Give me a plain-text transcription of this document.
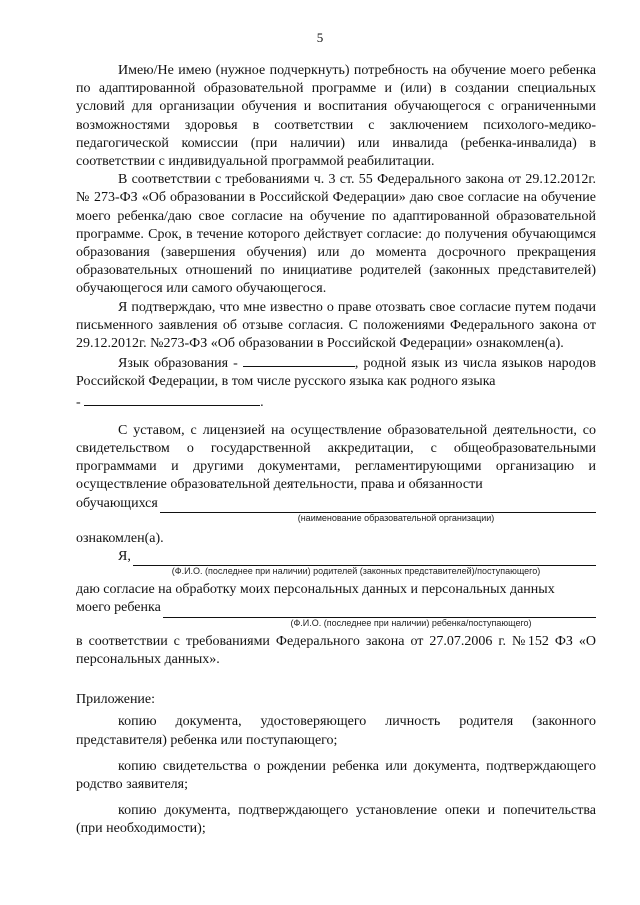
5

Имею/Не имею (нужное подчеркнуть) потребность на обучение моего ребенка по адаптированной образовательной программе и (или) в создании специальных условий для организации обучения и воспитания обучающегося с ограниченными возможностями здоровья в соответствии с заключением психолого-медико-педагогической комиссии (при наличии) или инвалида (ребенка-инвалида) в соответствии с индивидуальной программой реабилитации.

В соответствии с требованиями ч. 3 ст. 55 Федерального закона от 29.12.2012г. № 273-ФЗ «Об образовании в Российской Федерации» даю свое согласие на обучение моего ребенка/даю свое согласие на обучение по адаптированной образовательной программе. Срок, в течение которого действует согласие: до получения обучающимся образования (завершения обучения) или до момента досрочного прекращения образовательных отношений по инициативе родителей (законных представителей) обучающегося или самого обучающегося.

Я подтверждаю, что мне известно о праве отозвать свое согласие путем подачи письменного заявления об отзыве согласия. С положениями Федерального закона от 29.12.2012г. №273-ФЗ «Об образовании в Российской Федерации» ознакомлен(а).

Язык образования -	, родной язык из числа языков народов Российской Федерации, в том числе русского языка как родного языка

-	.

С уставом, с лицензией на осуществление образовательной деятельности, со свидетельством о государственной аккредитации, с общеобразовательными программами и другими документами, регламентирующими организацию и осуществление образовательной деятельности, права и обязанности

обучающихся
(наименование образовательной организации)
ознакомлен(а).
Я,
(Ф.И.О. (последнее при наличии) родителей (законных представителей)/поступающего)
даю согласие на обработку моих персональных данных и персональных данных
моего ребенка
(Ф.И.О. (последнее при наличии) ребенка/поступающего)

в соответствии с требованиями Федерального закона от 27.07.2006 г. №152 ФЗ «О персональных данных».

Приложение:

копию документа, удостоверяющего личность родителя (законного представителя) ребенка или поступающего;

копию свидетельства о рождении ребенка или документа, подтверждающего родство заявителя;

копию документа, подтверждающего установление опеки и попечительства (при необходимости);
